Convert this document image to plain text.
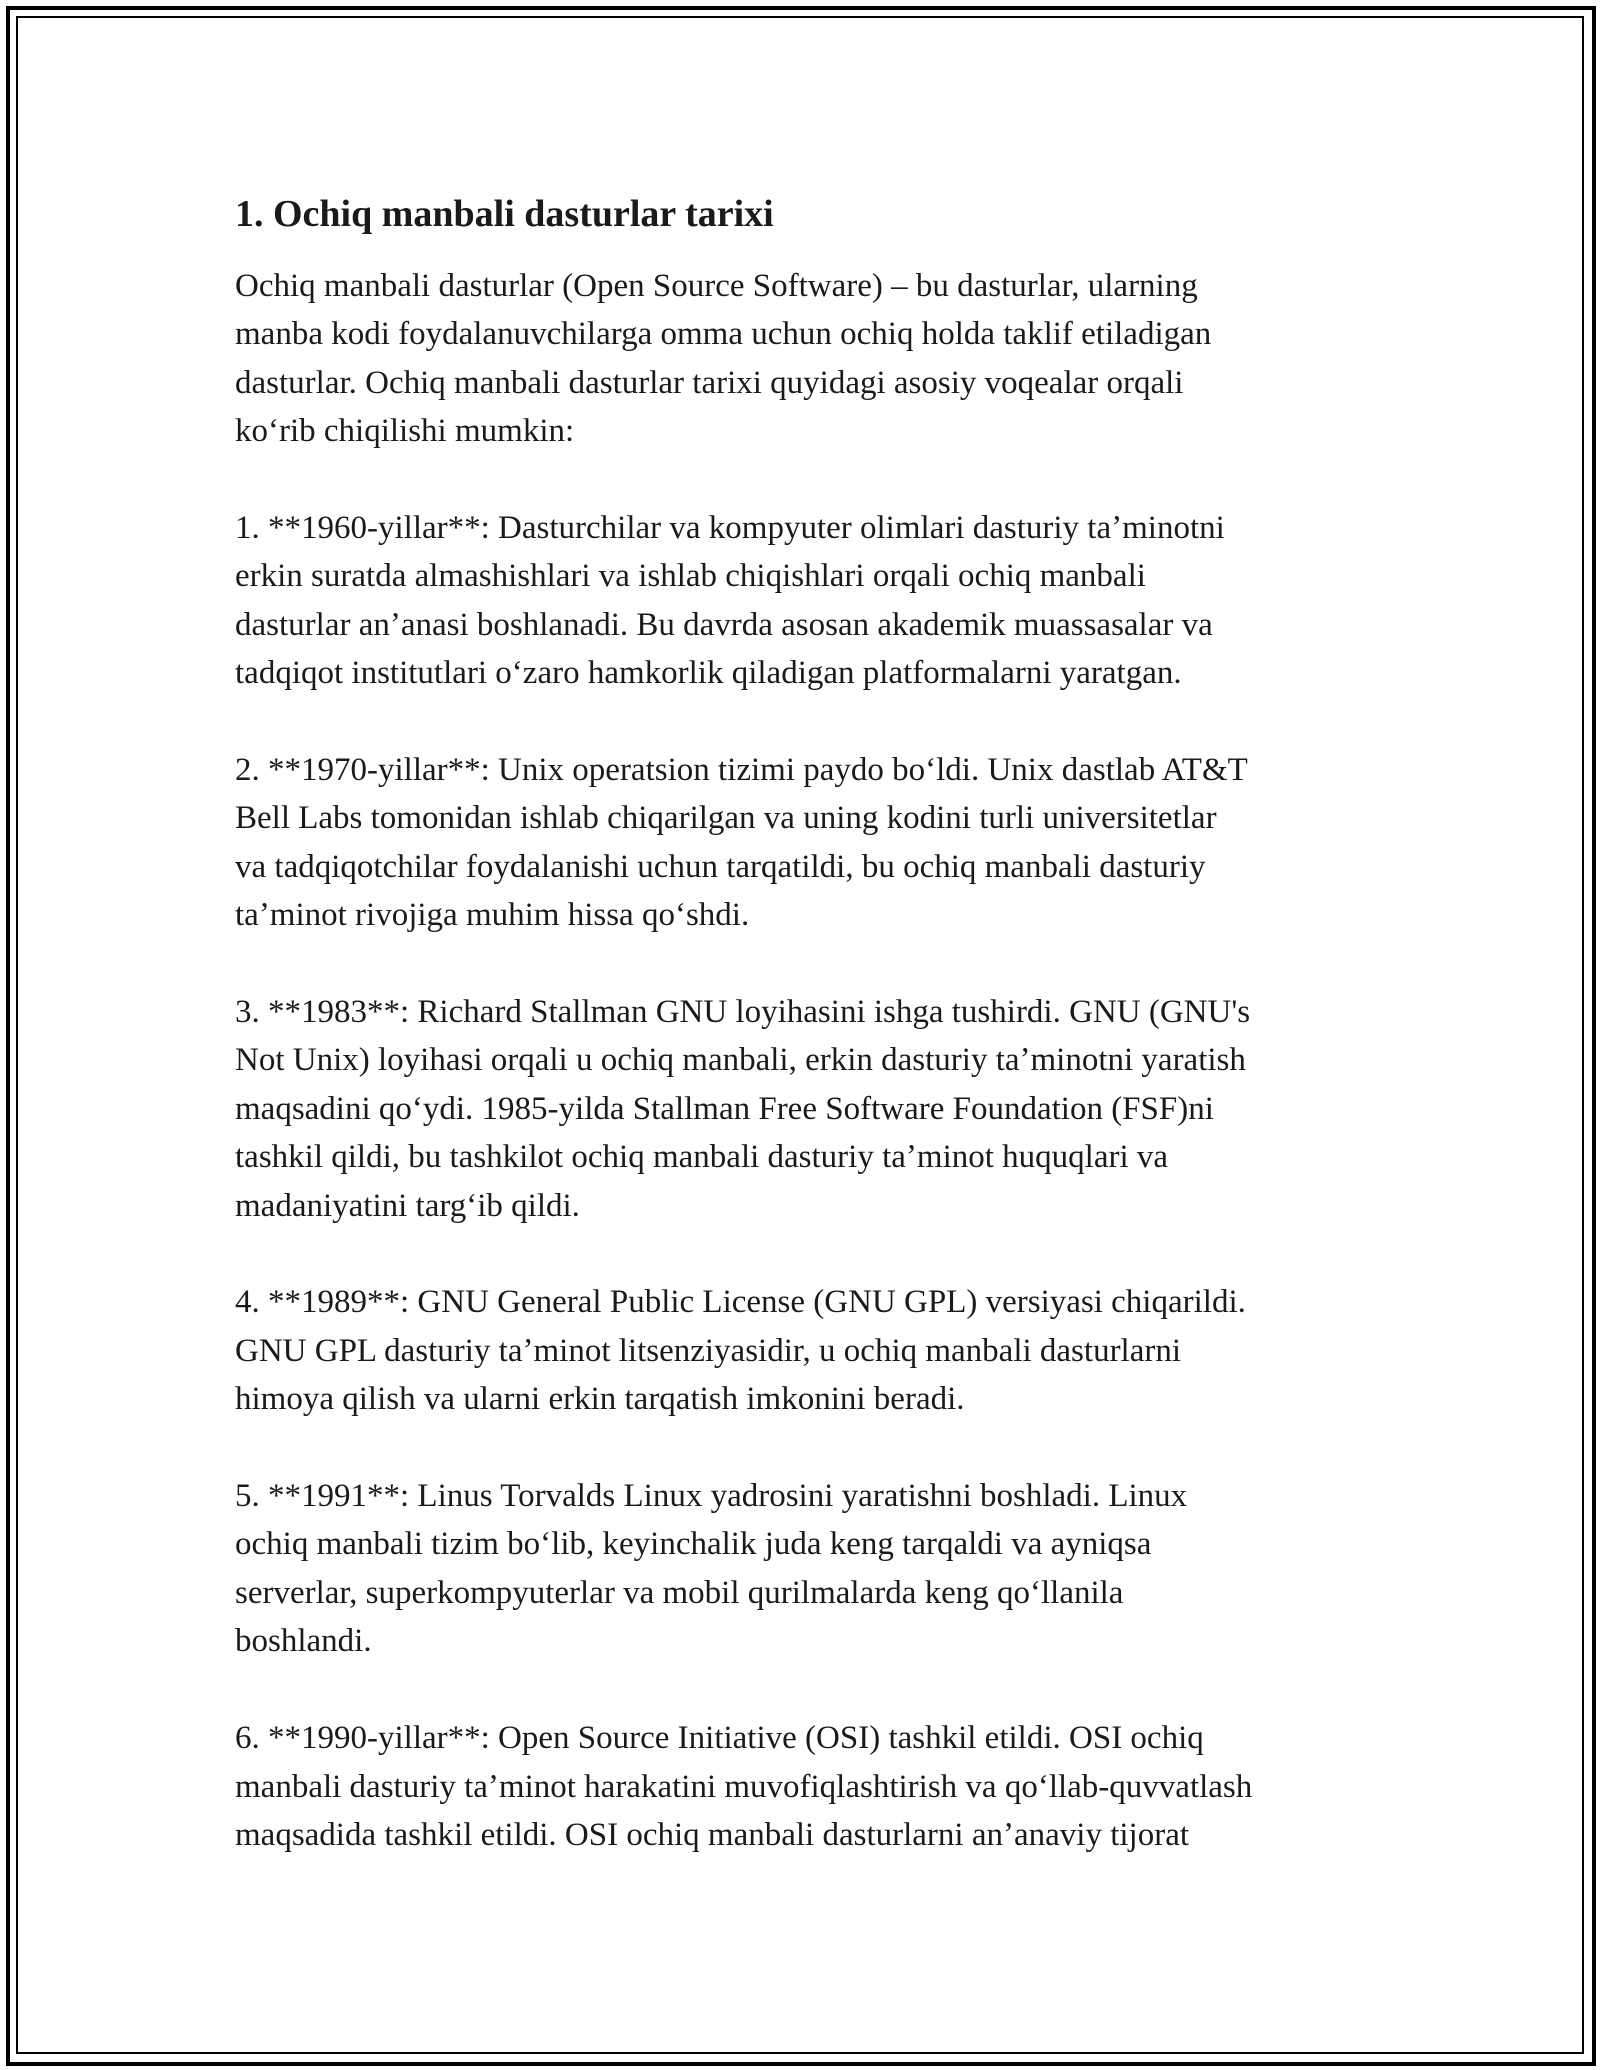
1. Ochiq manbali dasturlar tarixi

Ochiq manbali dasturlar (Open Source Software) – bu dasturlar, ularning
manba kodi foydalanuvchilarga omma uchun ochiq holda taklif etiladigan
dasturlar. Ochiq manbali dasturlar tarixi quyidagi asosiy voqealar orqali
koʻrib chiqilishi mumkin:

1. **1960-yillar**: Dasturchilar va kompyuter olimlari dasturiy taʼminotni
erkin suratda almashishlari va ishlab chiqishlari orqali ochiq manbali
dasturlar anʼanasi boshlanadi. Bu davrda asosan akademik muassasalar va
tadqiqot institutlari oʻzaro hamkorlik qiladigan platformalarni yaratgan.

2. **1970-yillar**: Unix operatsion tizimi paydo boʻldi. Unix dastlab AT&T
Bell Labs tomonidan ishlab chiqarilgan va uning kodini turli universitetlar
va tadqiqotchilar foydalanishi uchun tarqatildi, bu ochiq manbali dasturiy
taʼminot rivojiga muhim hissa qoʻshdi.

3. **1983**: Richard Stallman GNU loyihasini ishga tushirdi. GNU (GNU's
Not Unix) loyihasi orqali u ochiq manbali, erkin dasturiy taʼminotni yaratish
maqsadini qoʻydi. 1985-yilda Stallman Free Software Foundation (FSF)ni
tashkil qildi, bu tashkilot ochiq manbali dasturiy taʼminot huquqlari va
madaniyatini targʻib qildi.

4. **1989**: GNU General Public License (GNU GPL) versiyasi chiqarildi.
GNU GPL dasturiy taʼminot litsenziyasidir, u ochiq manbali dasturlarni
himoya qilish va ularni erkin tarqatish imkonini beradi.

5. **1991**: Linus Torvalds Linux yadrosini yaratishni boshladi. Linux
ochiq manbali tizim boʻlib, keyinchalik juda keng tarqaldi va ayniqsa
serverlar, superkompyuterlar va mobil qurilmalarda keng qoʻllanila
boshlandi.

6. **1990-yillar**: Open Source Initiative (OSI) tashkil etildi. OSI ochiq
manbali dasturiy taʼminot harakatini muvofiqlashtirish va qoʻllab-quvvatlash
maqsadida tashkil etildi. OSI ochiq manbali dasturlarni anʼanaviy tijorat
